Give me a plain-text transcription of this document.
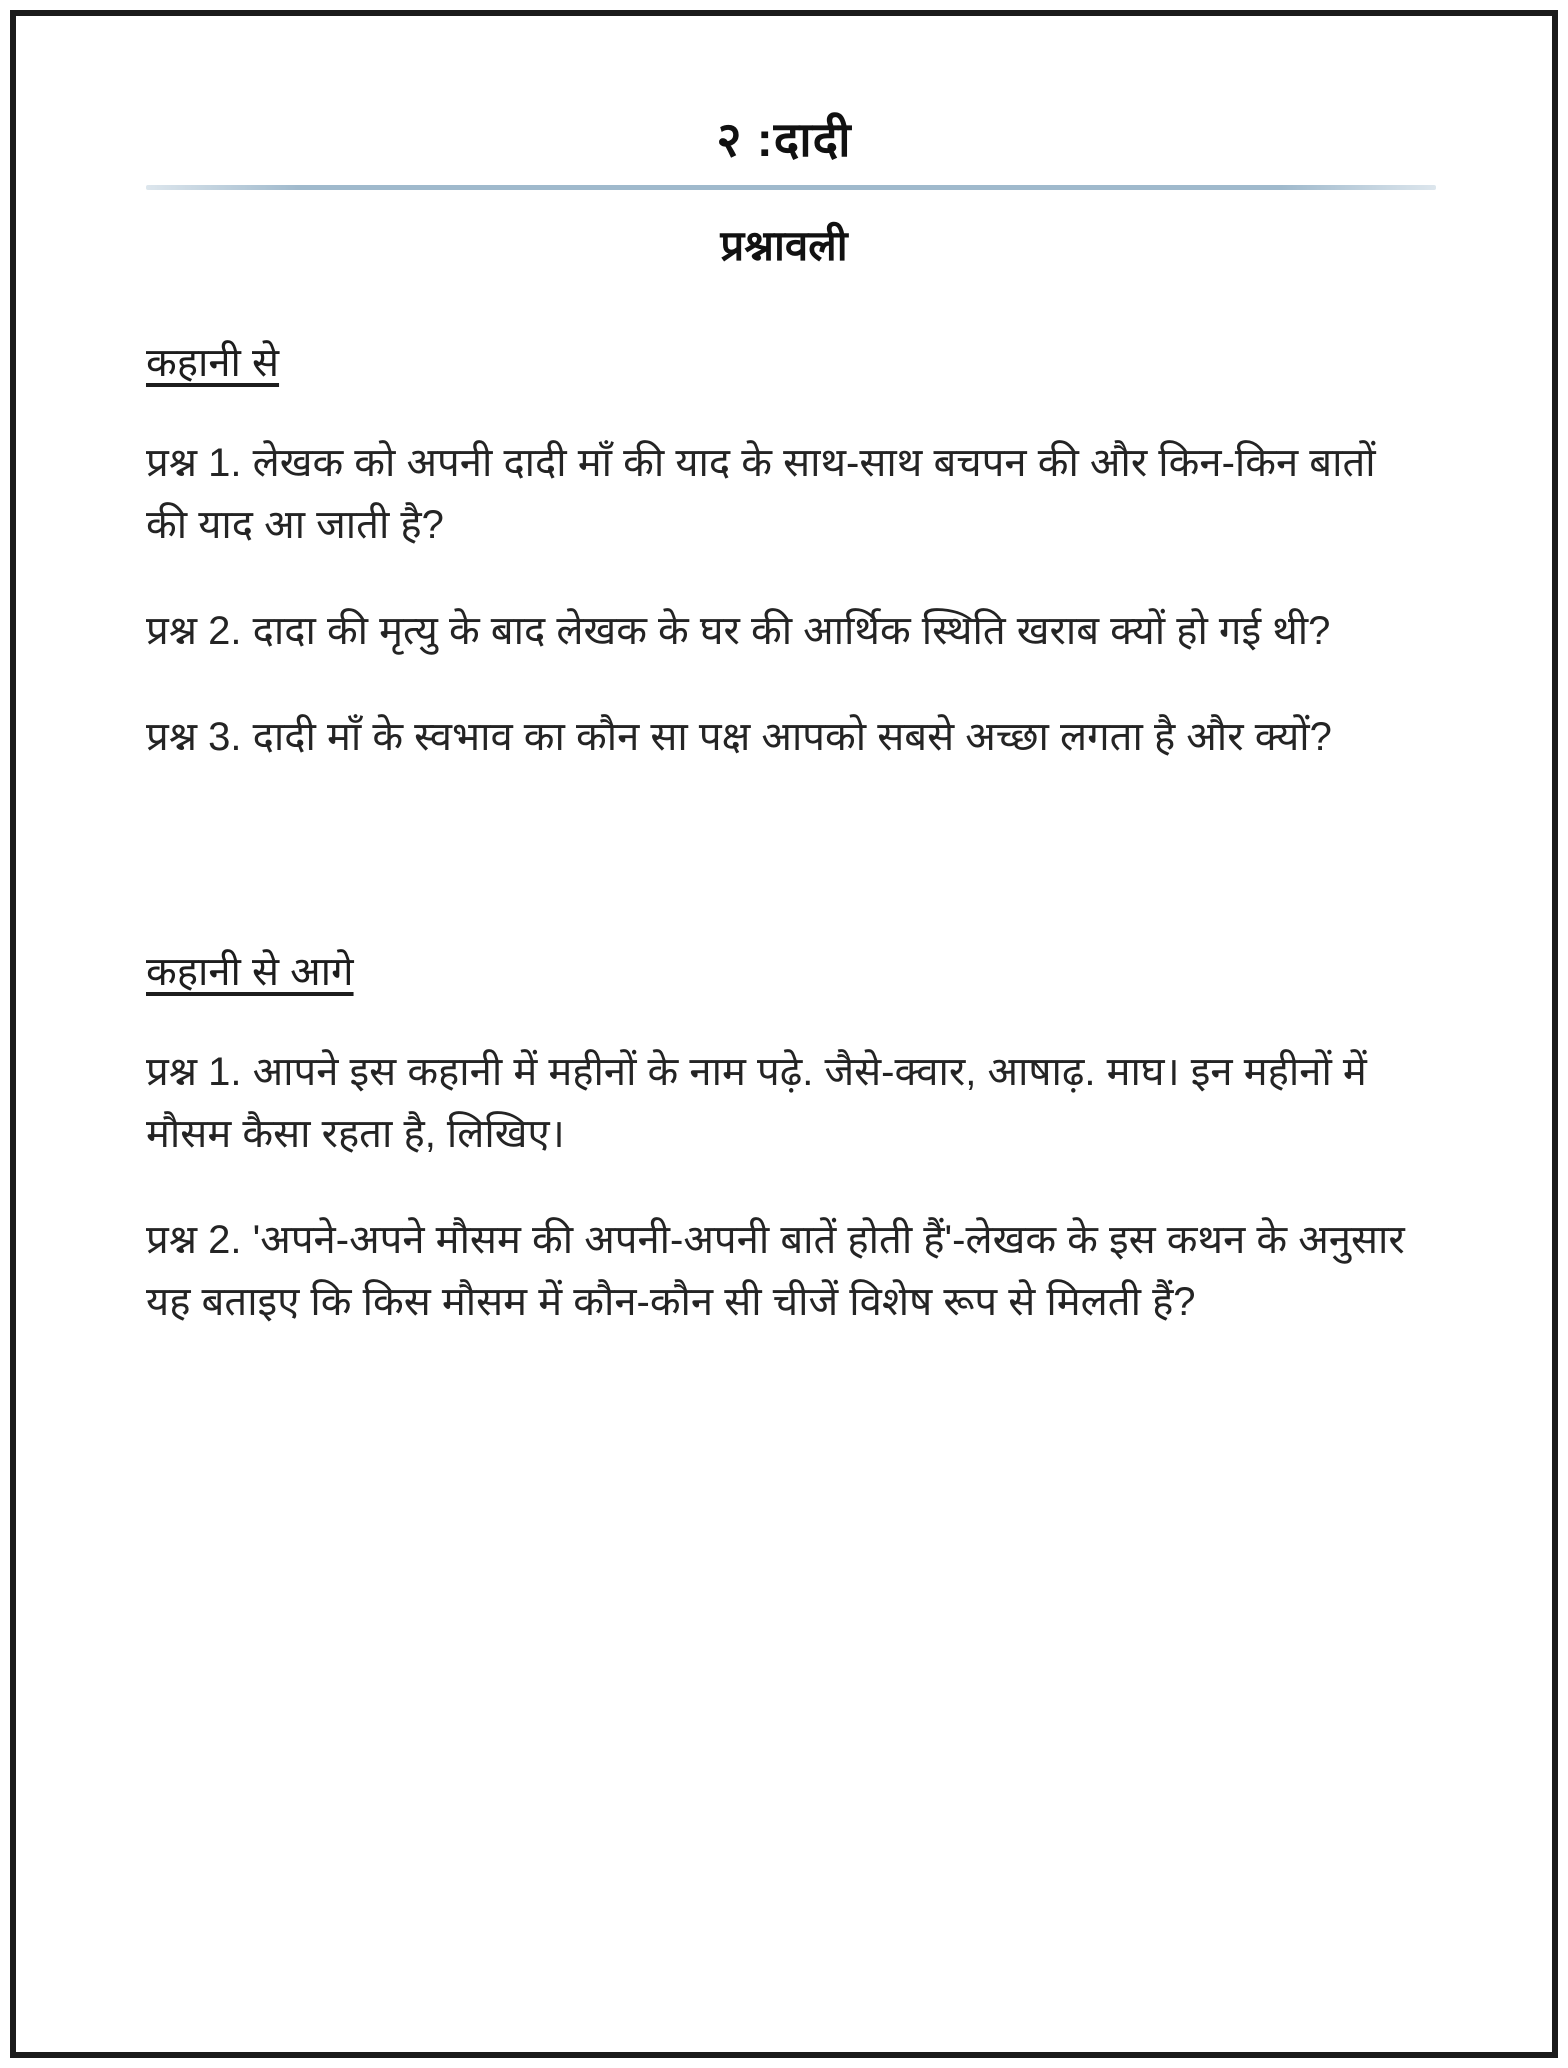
२ :दादी
प्रश्नावली
कहानी से

प्रश्न 1. लेखक को अपनी दादी माँ की याद के साथ-साथ बचपन की और किन-किन बातों की याद आ जाती है?

प्रश्न 2. दादा की मृत्यु के बाद लेखक के घर की आर्थिक स्थिति खराब क्यों हो गई थी?

प्रश्न 3. दादी माँ के स्वभाव का कौन सा पक्ष आपको सबसे अच्छा लगता है और क्यों?

कहानी से आगे

प्रश्न 1. आपने इस कहानी में महीनों के नाम पढ़े. जैसे-क्वार, आषाढ़. माघ। इन महीनों में मौसम कैसा रहता है, लिखिए।

प्रश्न 2. 'अपने-अपने मौसम की अपनी-अपनी बातें होती हैं'-लेखक के इस कथन के अनुसार यह बताइए कि किस मौसम में कौन-कौन सी चीजें विशेष रूप से मिलती हैं?
